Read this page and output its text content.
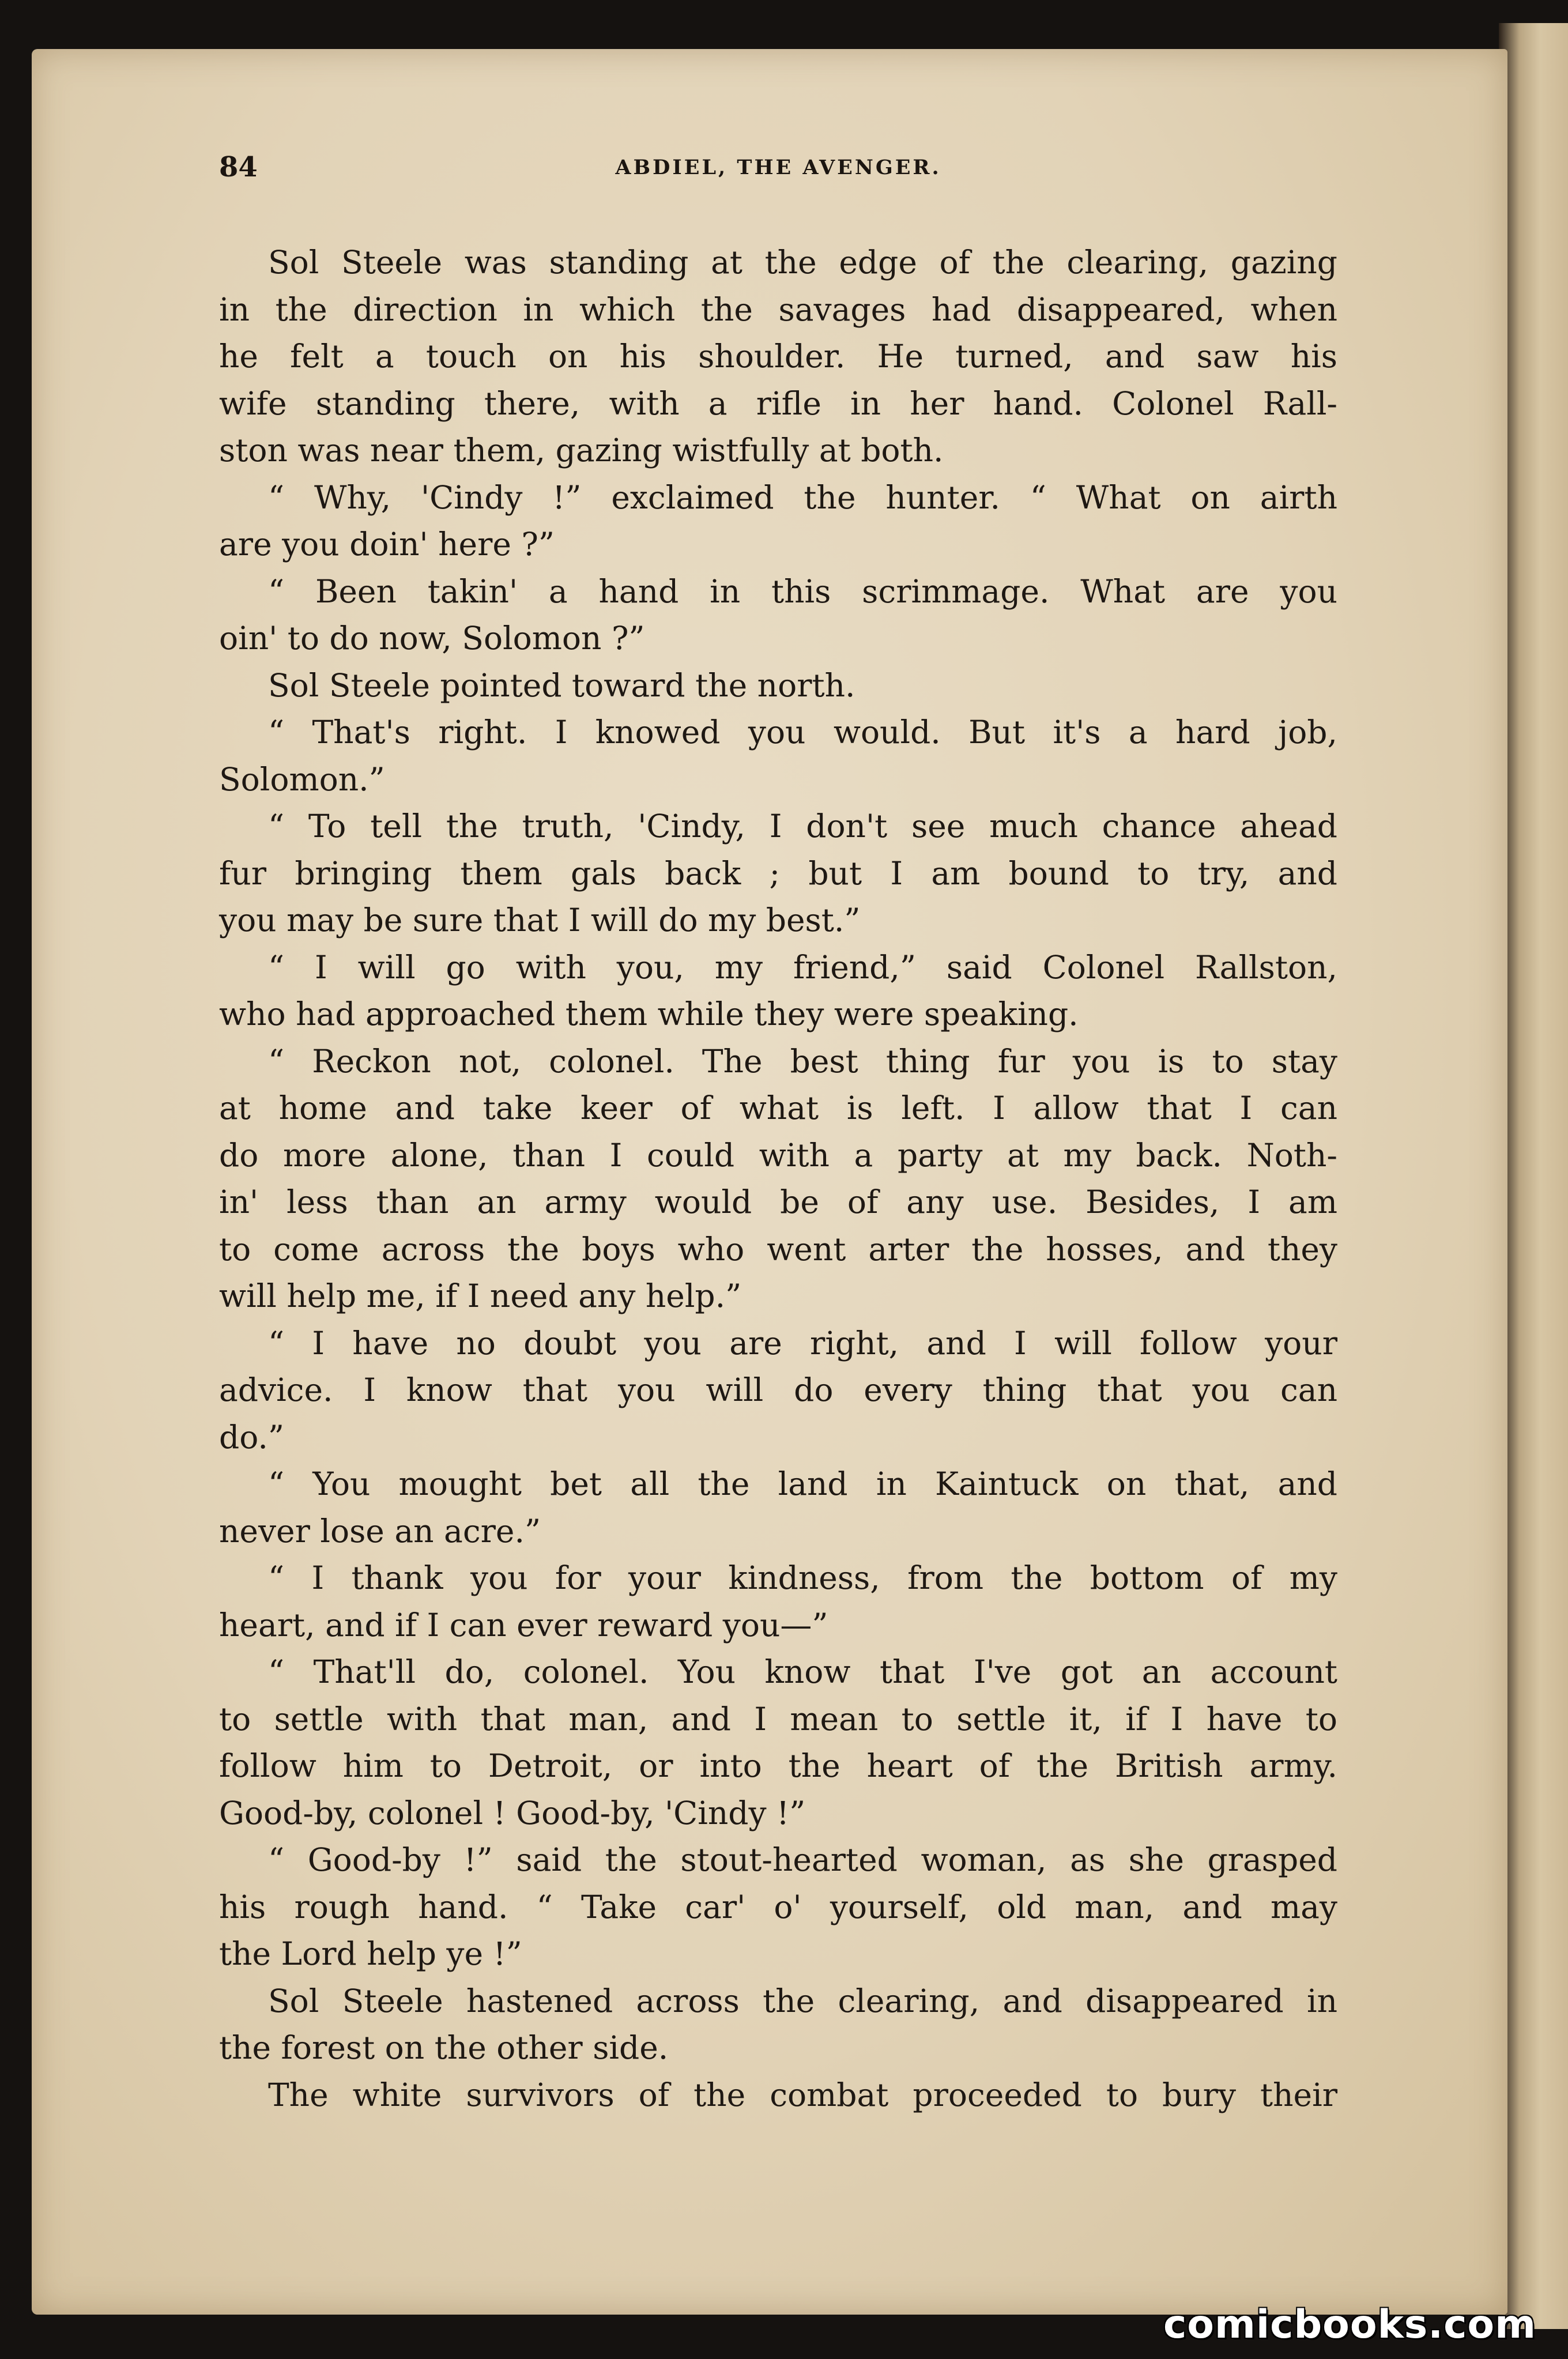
84	ABDIEL, THE AVENGER.
Sol Steele was standing at the edge of the clearing, gazing
in the direction in which the savages had disappeared, when
he felt a touch on his shoulder. He turned, and saw his
wife standing there, with a rifle in her hand. Colonel Rall-
ston was near them, gazing wistfully at both.
“ Why, 'Cindy !” exclaimed the hunter. “ What on airth
are you doin' here ?”
“ Been takin' a hand in this scrimmage. What are you
oin' to do now, Solomon ?”
Sol Steele pointed toward the north.
“ That's right. I knowed you would. But it's a hard job,
Solomon.”
“ To tell the truth, 'Cindy, I don't see much chance ahead
fur bringing them gals back ; but I am bound to try, and
you may be sure that I will do my best.”
“ I will go with you, my friend,” said Colonel Rallston,
who had approached them while they were speaking.
“ Reckon not, colonel. The best thing fur you is to stay
at home and take keer of what is left. I allow that I can
do more alone, than I could with a party at my back. Noth-
in' less than an army would be of any use. Besides, I am
to come across the boys who went arter the hosses, and they
will help me, if I need any help.”
“ I have no doubt you are right, and I will follow your
advice. I know that you will do every thing that you can
do.”
“ You mought bet all the land in Kaintuck on that, and
never lose an acre.”
“ I thank you for your kindness, from the bottom of my
heart, and if I can ever reward you—”
“ That'll do, colonel. You know that I've got an account
to settle with that man, and I mean to settle it, if I have to
follow him to Detroit, or into the heart of the British army.
Good-by, colonel ! Good-by, 'Cindy !”
“ Good-by !” said the stout-hearted woman, as she grasped
his rough hand. “ Take car' o' yourself, old man, and may
the Lord help ye !”
Sol Steele hastened across the clearing, and disappeared in
the forest on the other side.
The white survivors of the combat proceeded to bury their
comicbooks.com
